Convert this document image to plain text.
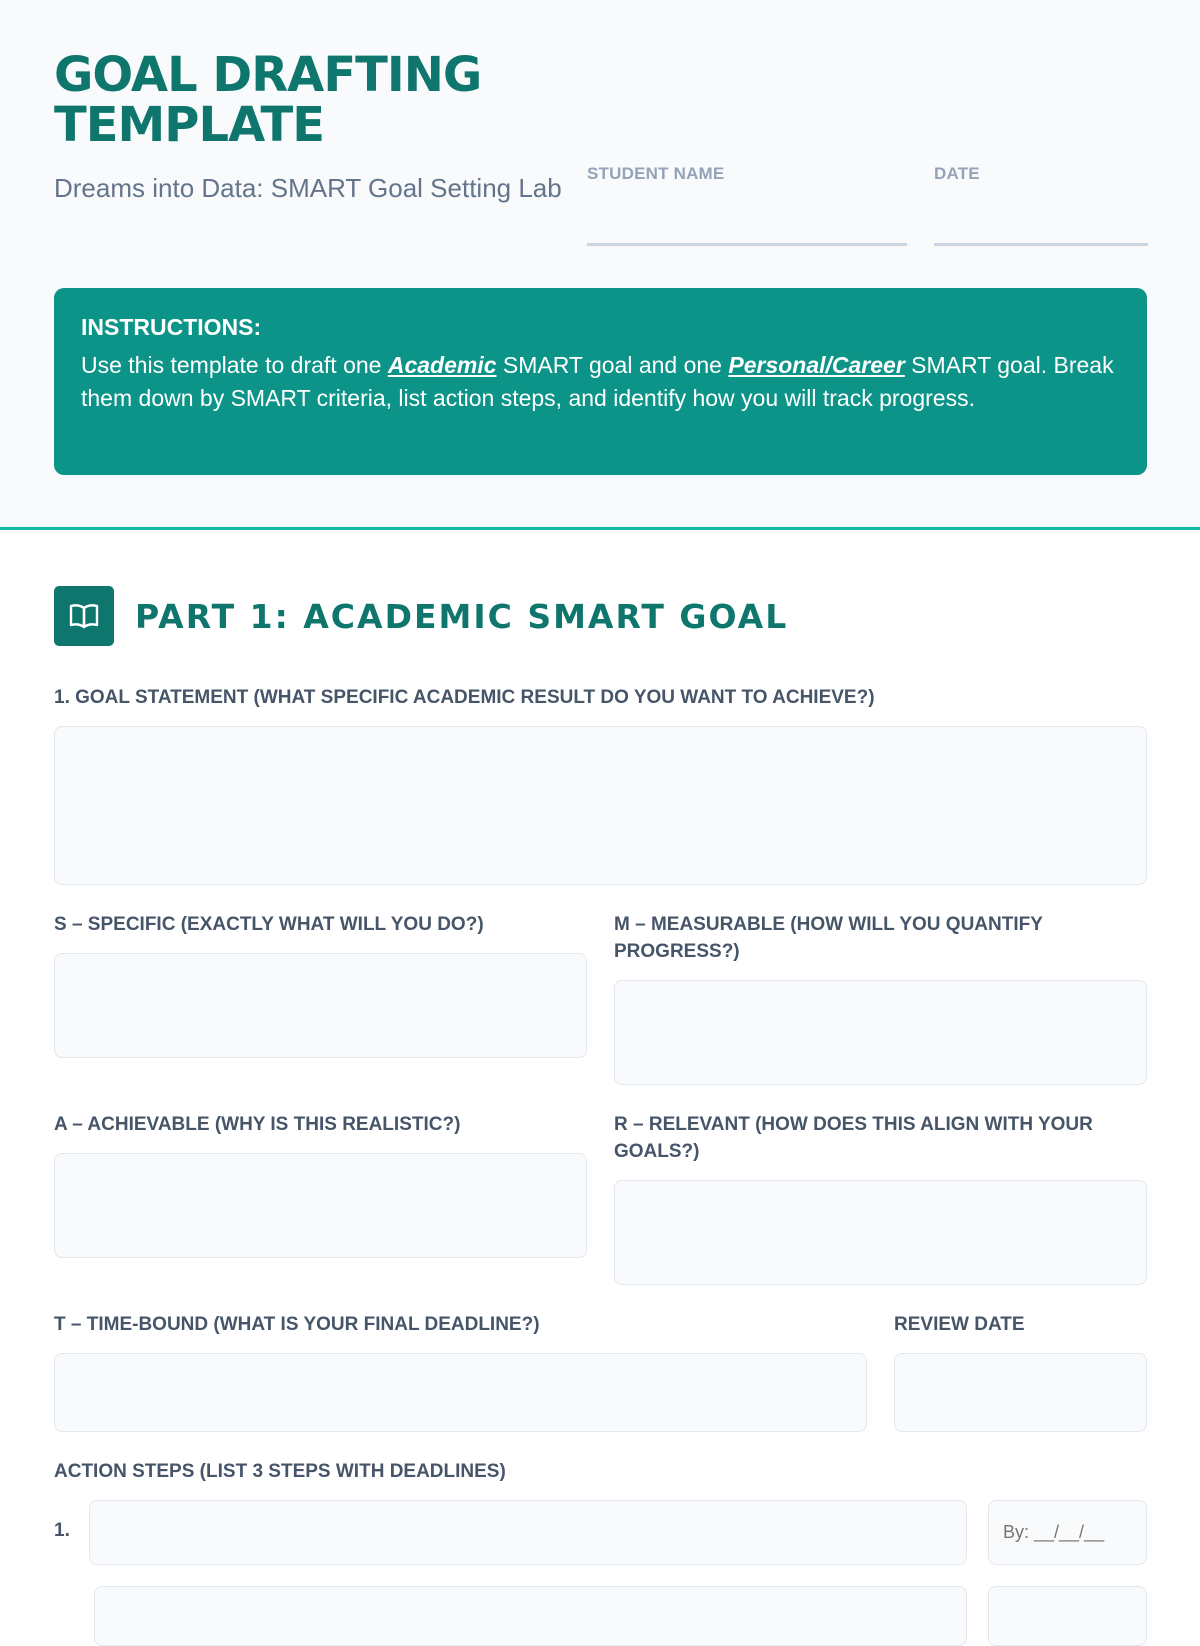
GOAL DRAFTING TEMPLATE
Dreams into Data: SMART Goal Setting Lab STUDENT NAME	DATE
INSTRUCTIONS:
Use this template to draft one Academic SMART goal and one Personal/Career SMART goal. Break them down by SMART criteria, list action steps, and identify how you will track progress.
PART 1: ACADEMIC SMART GOAL
1. GOAL STATEMENT (WHAT SPECIFIC ACADEMIC RESULT DO YOU WANT TO ACHIEVE?)
S – SPECIFIC (EXACTLY WHAT WILL YOU DO?)	M – MEASURABLE (HOW WILL YOU QUANTIFY PROGRESS?)
A – ACHIEVABLE (WHY IS THIS REALISTIC?)	R – RELEVANT (HOW DOES THIS ALIGN WITH YOUR GOALS?)
T – TIME-BOUND (WHAT IS YOUR FINAL DEADLINE?)	REVIEW DATE
ACTION STEPS (LIST 3 STEPS WITH DEADLINES)
1.
By: __/__/__
